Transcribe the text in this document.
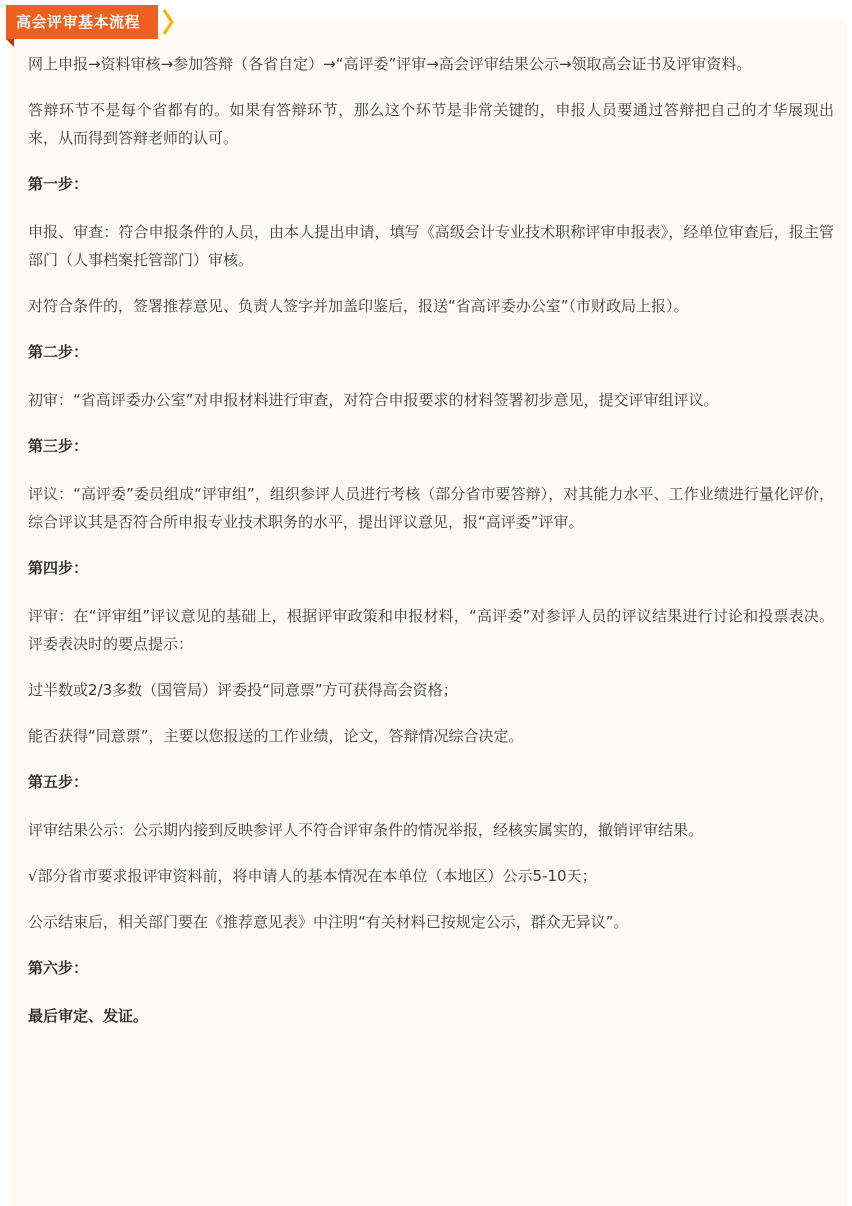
高会评审基本流程

网上申报→资料审核→参加答辩（各省自定）→“高评委”评审→高会评审结果公示→领取高会证书及评审资料。

答辩环节不是每个省都有的。如果有答辩环节，那么这个环节是非常关键的，申报人员要通过答辩把自己的才华展现出来，从而得到答辩老师的认可。

第一步：

申报、审查：符合申报条件的人员，由本人提出申请，填写《高级会计专业技术职称评审申报表》，经单位审查后，报主管部门（人事档案托管部门）审核。

对符合条件的，签署推荐意见、负责人签字并加盖印鉴后，报送“省高评委办公室”（市财政局上报）。

第二步：

初审：“省高评委办公室”对申报材料进行审查，对符合申报要求的材料签署初步意见，提交评审组评议。

第三步：

评议：“高评委”委员组成“评审组”，组织参评人员进行考核（部分省市要答辩），对其能力水平、工作业绩进行量化评价，综合评议其是否符合所申报专业技术职务的水平，提出评议意见，报“高评委”评审。

第四步：

评审：在“评审组”评议意见的基础上，根据评审政策和申报材料，“高评委”对参评人员的评议结果进行讨论和投票表决。评委表决时的要点提示：

过半数或2/3多数（国管局）评委投“同意票”方可获得高会资格；

能否获得“同意票”，主要以您报送的工作业绩，论文，答辩情况综合决定。

第五步：

评审结果公示：公示期内接到反映参评人不符合评审条件的情况举报，经核实属实的，撤销评审结果。

√部分省市要求报评审资料前，将申请人的基本情况在本单位（本地区）公示5-10天；

公示结束后，相关部门要在《推荐意见表》中注明“有关材料已按规定公示，群众无异议”。

第六步：

最后审定、发证。
